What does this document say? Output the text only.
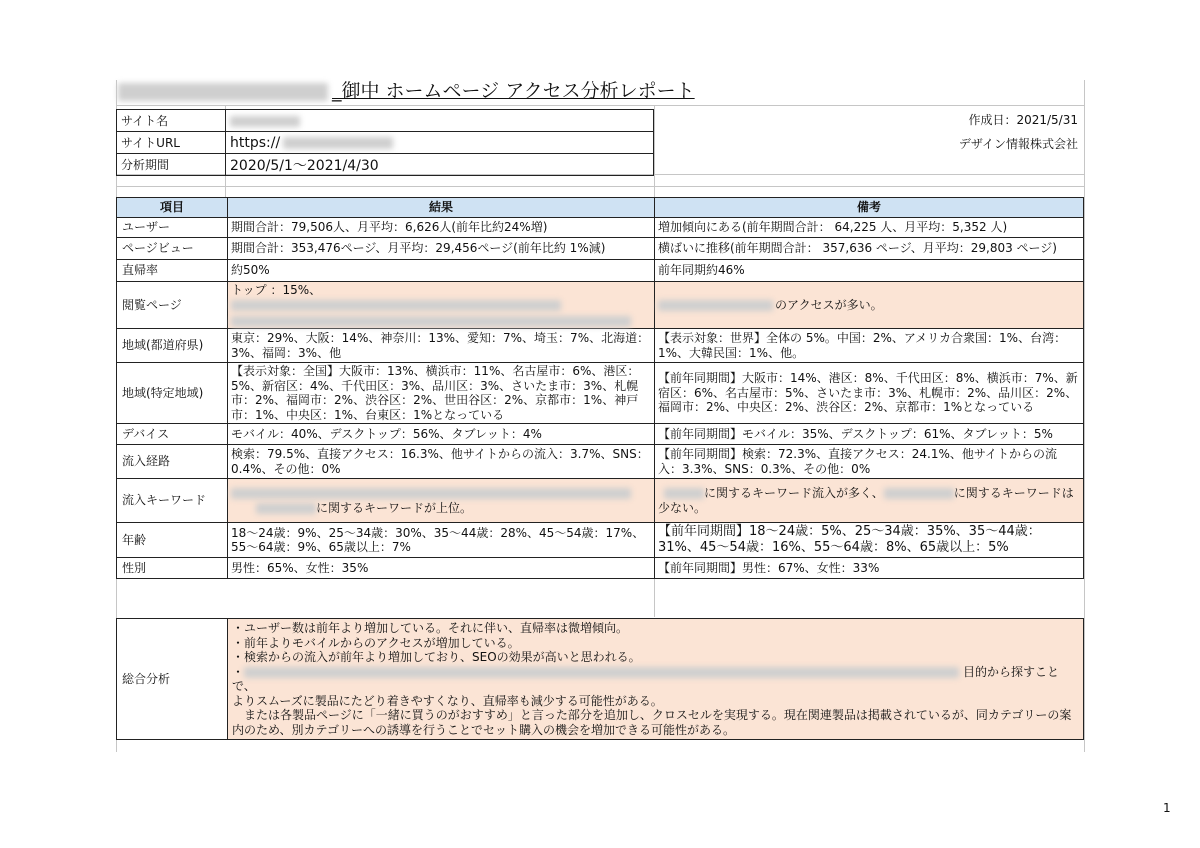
_御中 ホームページ アクセス分析レポート
サイト名	
サイトURL	https://
分析期間	2020/5/1～2021/4/30
作成日：2021/5/31
デザイン情報株式会社
項目	結果	備考
ユーザー	期間合計：79,506人、月平均：6,626人(前年比約24%増)	増加傾向にある(前年期間合計： 64,225 人、月平均：5,352 人)
ページビュー	期間合計：353,476ページ、月平均：29,456ページ(前年比約 1%減)	横ばいに推移(前年期間合計： 357,636 ページ、月平均：29,803 ページ)
直帰率	約50%	前年同期約46%
閲覧ページ	トップ ：15%、	のアクセスが多い。
地域(都道府県)	東京：29%、大阪：14%、神奈川：13%、愛知：7%、埼玉：7%、北海道：3%、福岡：3%、他	【表示対象：世界】全体の 5%。中国：2%、アメリカ合衆国：1%、台湾：1%、大韓民国：1%、他。
地域(特定地域)	【表示対象：全国】大阪市：13%、横浜市：11%、名古屋市：6%、港区：5%、新宿区：4%、千代田区：3%、品川区：3%、さいたま市：3%、札幌市：2%、福岡市：2%、渋谷区：2%、世田谷区：2%、京都市：1%、神戸市：1%、中央区：1%、台東区：1%となっている	【前年同期間】大阪市：14%、港区：8%、千代田区：8%、横浜市：7%、新宿区：6%、名古屋市：5%、さいたま市：3%、札幌市：2%、品川区：2%、福岡市：2%、中央区：2%、渋谷区：2%、京都市：1%となっている
デバイス	モバイル：40%、デスクトップ：56%、タブレット：4%	【前年同期間】モバイル：35%、デスクトップ：61%、タブレット：5%
流入経路	検索：79.5%、直接アクセス：16.3%、他サイトからの流入：3.7%、SNS：0.4%、その他：0%	【前年同期間】検索：72.3%、直接アクセス：24.1%、他サイトからの流入：3.3%、SNS：0.3%、その他：0%
流入キーワード	に関するキーワードが上位。	に関するキーワード流入が多く、 に関するキーワードは少ない。
年齢	18～24歳：9%、25～34歳：30%、35～44歳：28%、45～54歳：17%、55～64歳：9%、65歳以上：7%	【前年同期間】18～24歳：5%、25～34歳：35%、35～44歳：31%、45～54歳：16%、55～64歳：8%、65歳以上：5%
性別	男性：65%、女性：35%	【前年同期間】男性：67%、女性：33%
総合分析	
・ユーザー数は前年より増加している。それに伴い、直帰率は微増傾向。
・前年よりモバイルからのアクセスが増加している。
・検索からの流入が前年より増加しており、SEOの効果が高いと思われる。
・	目的から探すことで、
よりスムーズに製品にたどり着きやすくなり、直帰率も減少する可能性がある。
　または各製品ページに「一緒に買うのがおすすめ」と言った部分を追加し、クロスセルを実現する。現在関連製品は掲載されているが、同カテゴリーの案内のため、別カテゴリーへの誘導を行うことでセット購入の機会を増加できる可能性がある。
1
